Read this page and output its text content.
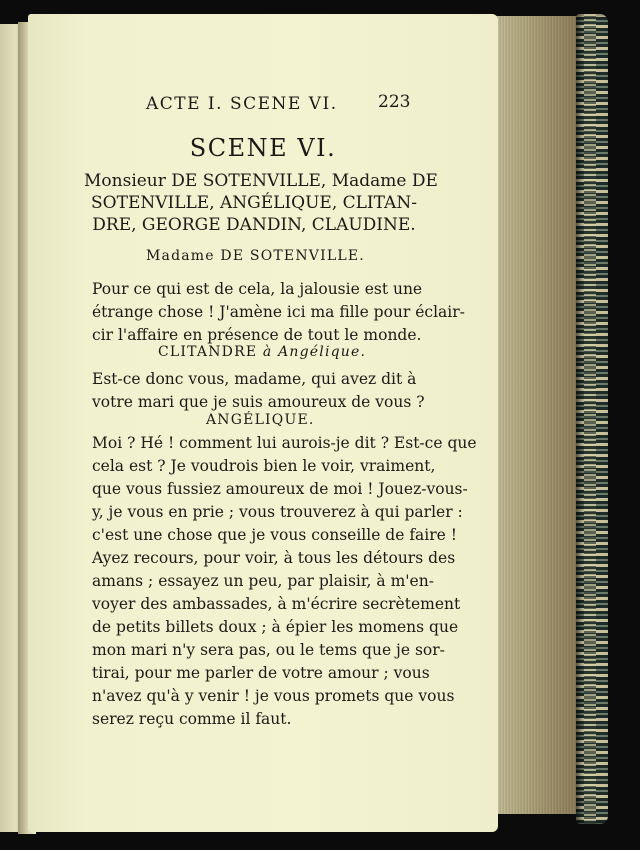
ACTE I. SCENE VI. 223
SCENE VI.
Monsieur DE SOTENVILLE, Madame DE
SOTENVILLE, ANGÉLIQUE, CLITAN-
DRE, GEORGE DANDIN, CLAUDINE.
Madame DE SOTENVILLE.
Pour ce qui est de cela, la jalousie est une
étrange chose ! J'amène ici ma fille pour éclair-
cir l'affaire en présence de tout le monde.
CLITANDRE à Angélique.
Est-ce donc vous, madame, qui avez dit à
votre mari que je suis amoureux de vous ?
ANGÉLIQUE.
Moi ? Hé ! comment lui aurois-je dit ? Est-ce que
cela est ? Je voudrois bien le voir, vraiment,
que vous fussiez amoureux de moi ! Jouez-vous-
y, je vous en prie ; vous trouverez à qui parler :
c'est une chose que je vous conseille de faire !
Ayez recours, pour voir, à tous les détours des
amans ; essayez un peu, par plaisir, à m'en-
voyer des ambassades, à m'écrire secrètement
de petits billets doux ; à épier les momens que
mon mari n'y sera pas, ou le tems que je sor-
tirai, pour me parler de votre amour ; vous
n'avez qu'à y venir ! je vous promets que vous
serez reçu comme il faut.
